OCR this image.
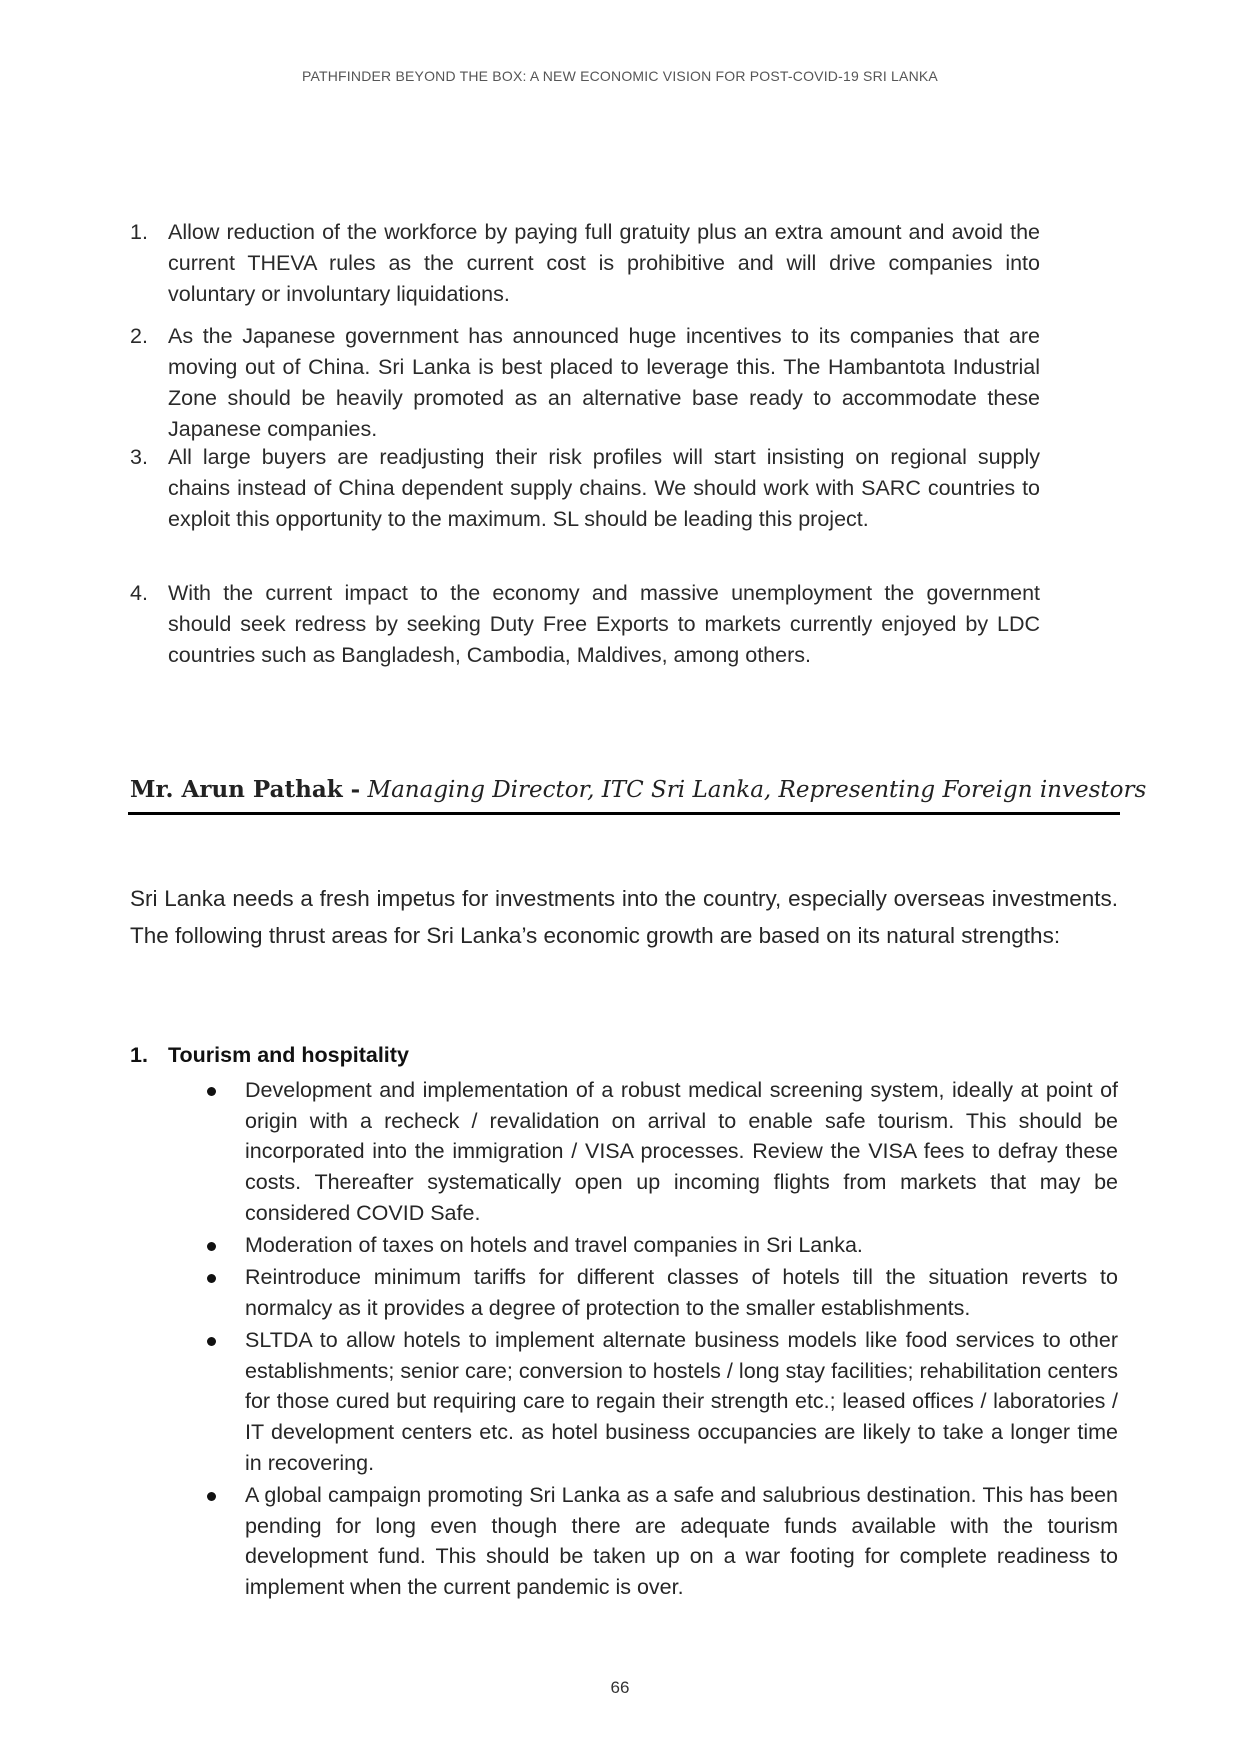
PATHFINDER BEYOND THE BOX: A NEW ECONOMIC VISION FOR POST-COVID-19 SRI LANKA
1. Allow reduction of the workforce by paying full gratuity plus an extra amount and avoid the current THEVA rules as the current cost is prohibitive and will drive companies into voluntary or involuntary liquidations.
2. As the Japanese government has announced huge incentives to its companies that are moving out of China. Sri Lanka is best placed to leverage this. The Hambantota Industrial Zone should be heavily promoted as an alternative base ready to accommodate these Japanese companies.
3. All large buyers are readjusting their risk profiles will start insisting on regional supply chains instead of China dependent supply chains. We should work with SARC countries to exploit this opportunity to the maximum. SL should be leading this project.
4. With the current impact to the economy and massive unemployment the government should seek redress by seeking Duty Free Exports to markets currently enjoyed by LDC countries such as Bangladesh, Cambodia, Maldives, among others.
Mr. Arun Pathak - Managing Director, ITC Sri Lanka, Representing Foreign investors

Sri Lanka needs a fresh impetus for investments into the country, especially overseas investments. The following thrust areas for Sri Lanka’s economic growth are based on its natural strengths:

1. Tourism and hospitality
Development and implementation of a robust medical screening system, ideally at point of origin with a recheck / revalidation on arrival to enable safe tourism. This should be incorporated into the immigration / VISA processes. Review the VISA fees to defray these costs. Thereafter systematically open up incoming flights from markets that may be considered COVID Safe.
Moderation of taxes on hotels and travel companies in Sri Lanka.
Reintroduce minimum tariffs for different classes of hotels till the situation reverts to normalcy as it provides a degree of protection to the smaller establishments.
SLTDA to allow hotels to implement alternate business models like food services to other establishments; senior care; conversion to hostels / long stay facilities; rehabilitation centers for those cured but requiring care to regain their strength etc.; leased offices / laboratories / IT development centers etc. as hotel business occupancies are likely to take a longer time in recovering.
A global campaign promoting Sri Lanka as a safe and salubrious destination. This has been pending for long even though there are adequate funds available with the tourism development fund. This should be taken up on a war footing for complete readiness to implement when the current pandemic is over.
66
